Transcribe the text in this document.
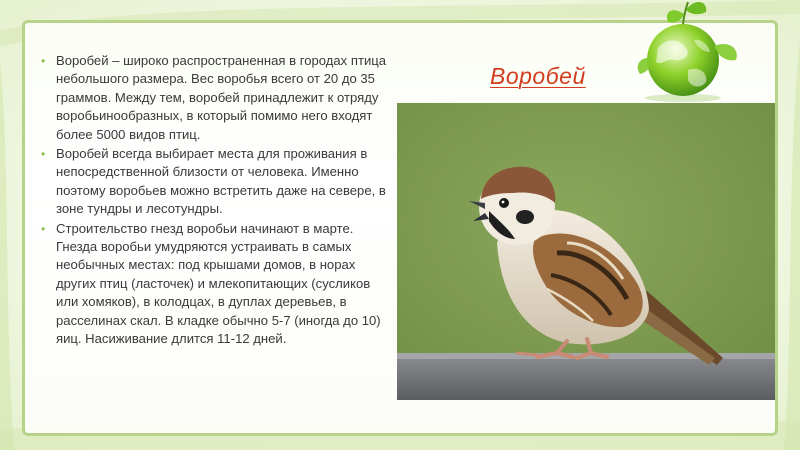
• Воробей – широко распространенная в городах птица небольшого размера. Вес воробья всего от 20 до 35 граммов. Между тем, воробей принадлежит к отряду воробьинообразных, в который помимо него входят более 5000 видов птиц.

• Воробей всегда выбирает места для проживания в непосредственной близости от человека. Именно поэтому воробьев можно встретить даже на севере, в зоне тундры и лесотундры.

• Строительство гнезд воробьи начинают в марте. Гнезда воробьи умудряются устраивать в самых необычных местах: под крышами домов, в норах других птиц (ласточек) и млекопитающих (сусликов или хомяков), в колодцах, в дуплах деревьев, в расселинах скал. В кладке обычно 5-7 (иногда до 10) яиц. Насиживание длится 11-12 дней.

Воробей
